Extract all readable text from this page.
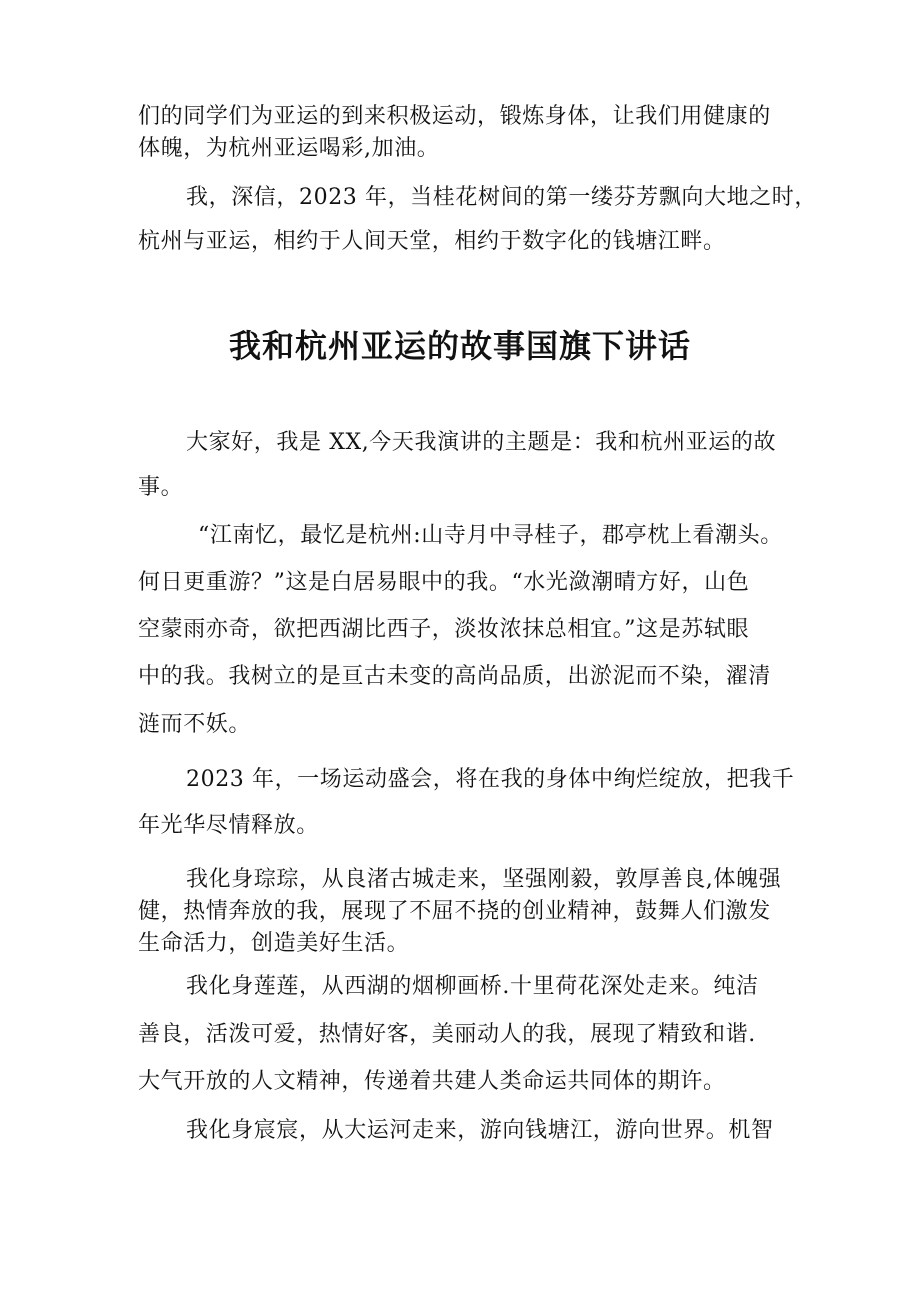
们的同学们为亚运的到来积极运动，锻炼身体，让我们用健康的

体魄，为杭州亚运喝彩,加油。

我，深信，2023 年，当桂花树间的第一缕芬芳飘向大地之时，

杭州与亚运，相约于人间天堂，相约于数字化的钱塘江畔。

我和杭州亚运的故事国旗下讲话

大家好，我是 XX,今天我演讲的主题是：我和杭州亚运的故

事。

“江南忆，最忆是杭州:山寺月中寻桂子，郡亭枕上看潮头。

何日更重游？”这是白居易眼中的我。“水光潋潮晴方好，山色

空蒙雨亦奇，欲把西湖比西子，淡妆浓抹总相宜。”这是苏轼眼

中的我。我树立的是亘古未变的高尚品质，出淤泥而不染，濯清

涟而不妖。

2023 年，一场运动盛会，将在我的身体中绚烂绽放，把我千

年光华尽情释放。

我化身琮琮，从良渚古城走来，坚强刚毅，敦厚善良,体魄强

健，热情奔放的我，展现了不屈不挠的创业精神，鼓舞人们激发

生命活力，创造美好生活。

我化身莲莲，从西湖的烟柳画桥.十里荷花深处走来。纯洁

善良，活泼可爱，热情好客，美丽动人的我，展现了精致和谐.

大气开放的人文精神，传递着共建人类命运共同体的期许。

我化身宸宸，从大运河走来，游向钱塘江，游向世界。机智
